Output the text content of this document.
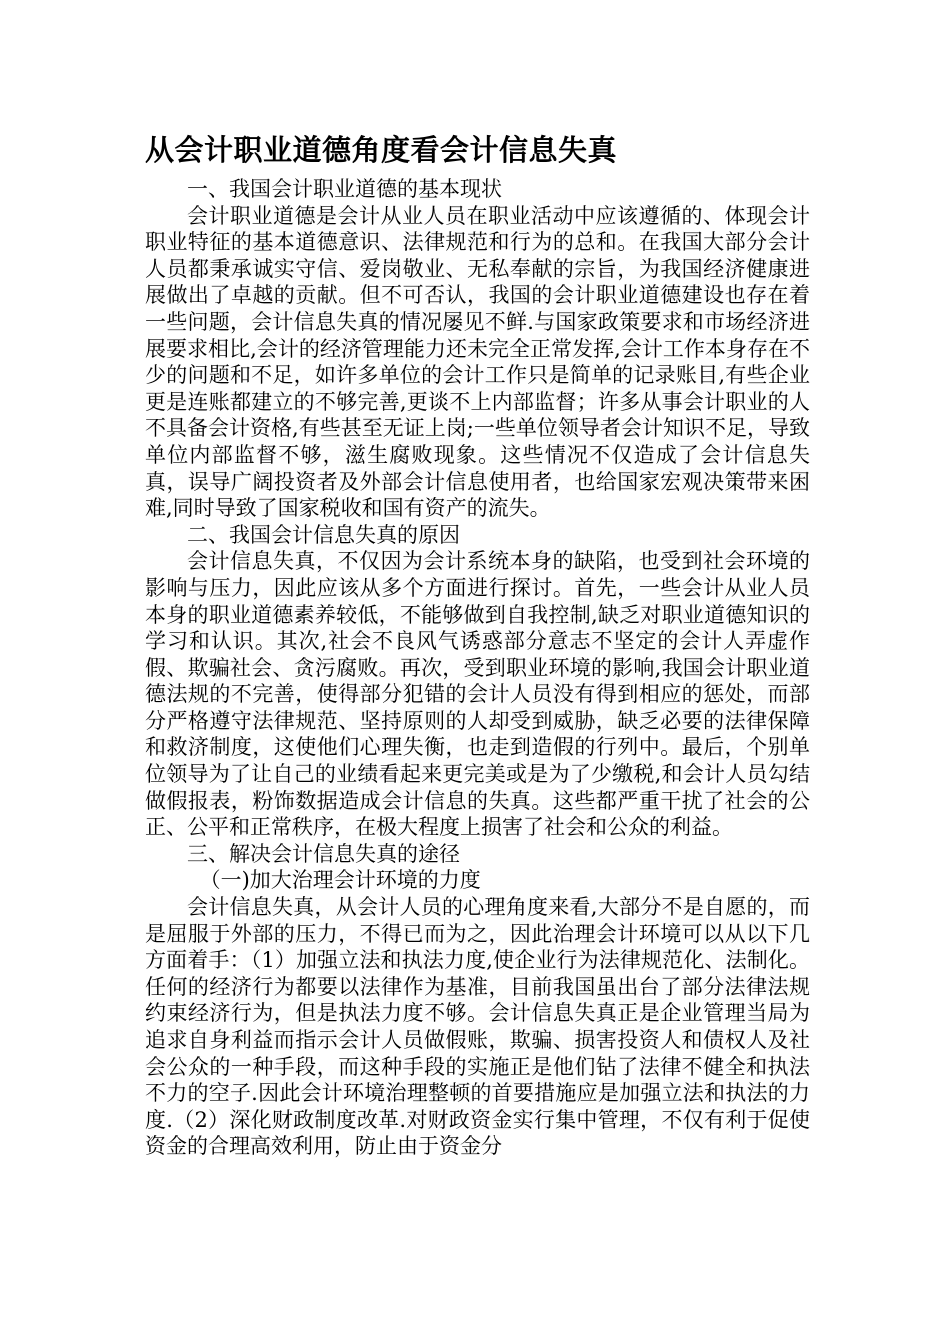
从会计职业道德角度看会计信息失真

一、我国会计职业道德的基本现状

会计职业道德是会计从业人员在职业活动中应该遵循的、体现会计职业特征的基本道德意识、法律规范和行为的总和。在我国大部分会计人员都秉承诚实守信、爱岗敬业、无私奉献的宗旨，为我国经济健康进展做出了卓越的贡献。但不可否认，我国的会计职业道德建设也存在着一些问题，会计信息失真的情况屡见不鲜.与国家政策要求和市场经济进展要求相比,会计的经济管理能力还未完全正常发挥,会计工作本身存在不少的问题和不足，如许多单位的会计工作只是简单的记录账目,有些企业更是连账都建立的不够完善,更谈不上内部监督；许多从事会计职业的人不具备会计资格,有些甚至无证上岗;一些单位领导者会计知识不足，导致单位内部监督不够，滋生腐败现象。这些情况不仅造成了会计信息失真，误导广阔投资者及外部会计信息使用者，也给国家宏观决策带来困难,同时导致了国家税收和国有资产的流失。

二、我国会计信息失真的原因

会计信息失真，不仅因为会计系统本身的缺陷，也受到社会环境的影响与压力，因此应该从多个方面进行探讨。首先，一些会计从业人员本身的职业道德素养较低，不能够做到自我控制,缺乏对职业道德知识的学习和认识。其次,社会不良风气诱惑部分意志不坚定的会计人弄虚作假、欺骗社会、贪污腐败。再次，受到职业环境的影响,我国会计职业道德法规的不完善，使得部分犯错的会计人员没有得到相应的惩处，而部分严格遵守法律规范、坚持原则的人却受到威胁，缺乏必要的法律保障和救济制度，这使他们心理失衡，也走到造假的行列中。最后，个别单位领导为了让自己的业绩看起来更完美或是为了少缴税,和会计人员勾结做假报表，粉饰数据造成会计信息的失真。这些都严重干扰了社会的公正、公平和正常秩序，在极大程度上损害了社会和公众的利益。

三、解决会计信息失真的途径

（一)加大治理会计环境的力度

会计信息失真，从会计人员的心理角度来看,大部分不是自愿的，而是屈服于外部的压力，不得已而为之，因此治理会计环境可以从以下几方面着手：（1）加强立法和执法力度,使企业行为法律规范化、法制化。任何的经济行为都要以法律作为基准，目前我国虽出台了部分法律法规约束经济行为，但是执法力度不够。会计信息失真正是企业管理当局为追求自身利益而指示会计人员做假账，欺骗、损害投资人和债权人及社会公众的一种手段，而这种手段的实施正是他们钻了法律不健全和执法不力的空子.因此会计环境治理整顿的首要措施应是加强立法和执法的力度.（2）深化财政制度改革.对财政资金实行集中管理，不仅有利于促使资金的合理高效利用，防止由于资金分
